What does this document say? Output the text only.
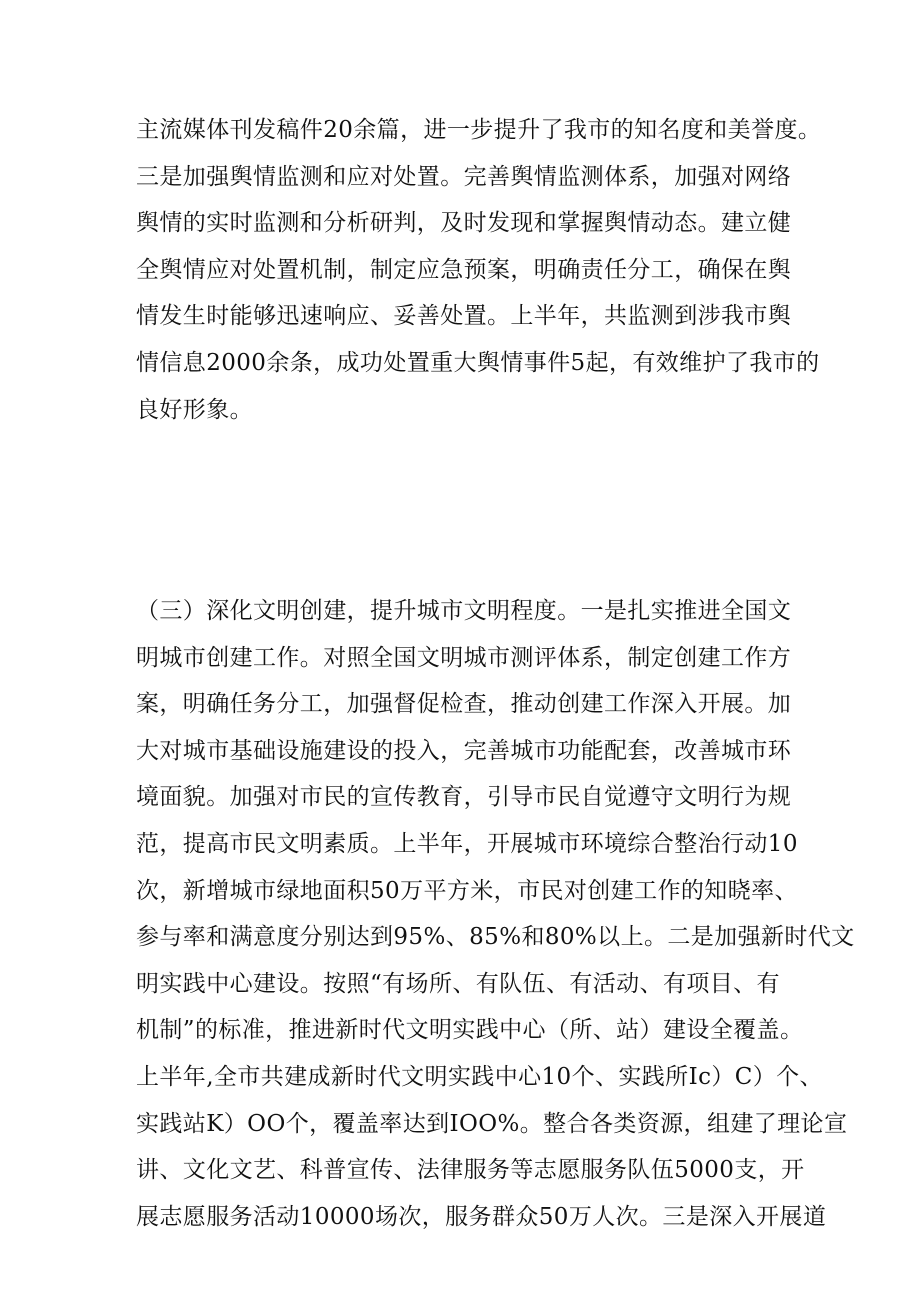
主流媒体刊发稿件20余篇，进一步提升了我市的知名度和美誉度。
三是加强舆情监测和应对处置。完善舆情监测体系，加强对网络
舆情的实时监测和分析研判，及时发现和掌握舆情动态。建立健
全舆情应对处置机制，制定应急预案，明确责任分工，确保在舆
情发生时能够迅速响应、妥善处置。上半年，共监测到涉我市舆
情信息2000余条，成功处置重大舆情事件5起，有效维护了我市的
良好形象。
（三）深化文明创建，提升城市文明程度。一是扎实推进全国文
明城市创建工作。对照全国文明城市测评体系，制定创建工作方
案，明确任务分工，加强督促检查，推动创建工作深入开展。加
大对城市基础设施建设的投入，完善城市功能配套，改善城市环
境面貌。加强对市民的宣传教育，引导市民自觉遵守文明行为规
范，提高市民文明素质。上半年，开展城市环境综合整治行动10
次，新增城市绿地面积50万平方米，市民对创建工作的知晓率、
参与率和满意度分别达到95%、85%和80%以上。二是加强新时代文
明实践中心建设。按照“有场所、有队伍、有活动、有项目、有
机制”的标准，推进新时代文明实践中心（所、站）建设全覆盖。
上半年,全市共建成新时代文明实践中心10个、实践所Ic）C）个、
实践站K）OO个，覆盖率达到IOO%。整合各类资源，组建了理论宣
讲、文化文艺、科普宣传、法律服务等志愿服务队伍5000支，开
展志愿服务活动10000场次，服务群众50万人次。三是深入开展道
